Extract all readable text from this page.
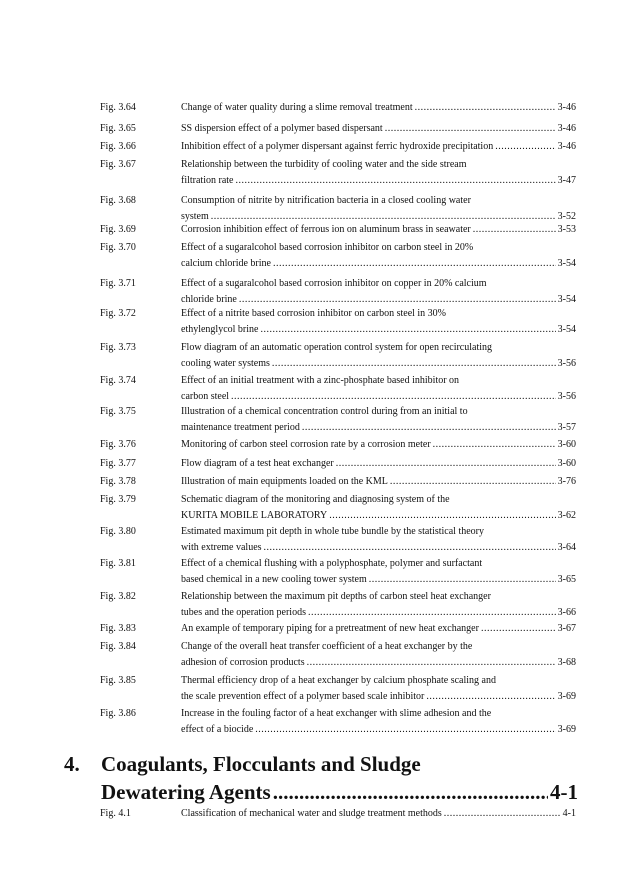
Fig. 3.64	Change of water quality during a slime removal treatment .....	3-46
Fig. 3.65	SS dispersion effect of a polymer based dispersant .....	3-46
Fig. 3.66	Inhibition effect of a polymer dispersant against ferric hydroxide precipitation .....	3-46
Fig. 3.67	Relationship between the turbidity of cooling water and the side stream
filtration rate .....	3-47
Fig. 3.68	Consumption of nitrite by nitrification bacteria in a closed cooling water
system .....	3-52
Fig. 3.69	Corrosion inhibition effect of ferrous ion on aluminum brass in seawater .....	3-53
Fig. 3.70	Effect of a sugaralcohol based corrosion inhibitor on carbon steel in 20%
calcium chloride brine .....	3-54
Fig. 3.71	Effect of a sugaralcohol based corrosion inhibitor on copper in 20% calcium
chloride brine .....	3-54
Fig. 3.72	Effect of a nitrite based corrosion inhibitor on carbon steel in 30%
ethylenglycol brine .....	3-54
Fig. 3.73	Flow diagram of an automatic operation control system for open recirculating
cooling water systems .....	3-56
Fig. 3.74	Effect of an initial treatment with a zinc-phosphate based inhibitor on
carbon steel .....	3-56
Fig. 3.75	Illustration of a chemical concentration control during from an initial to
maintenance treatment period .....	3-57
Fig. 3.76	Monitoring of carbon steel corrosion rate by a corrosion meter .....	3-60
Fig. 3.77	Flow diagram of a test heat exchanger .....	3-60
Fig. 3.78	Illustration of main equipments loaded on the KML .....	3-76
Fig. 3.79	Schematic diagram of the monitoring and diagnosing system of the
KURITA MOBILE LABORATORY .....	3-62
Fig. 3.80	Estimated maximum pit depth in whole tube bundle by the statistical theory
with extreme values .....	3-64
Fig. 3.81	Effect of a chemical flushing with a polyphosphate, polymer and surfactant
based chemical in a new cooling tower system .....	3-65
Fig. 3.82	Relationship between the maximum pit depths of carbon steel heat exchanger
tubes and the operation periods .....	3-66
Fig. 3.83	An example of temporary piping for a pretreatment of new heat exchanger .....	3-67
Fig. 3.84	Change of the overall heat transfer coefficient of a heat exchanger by the
adhesion of corrosion products .....	3-68
Fig. 3.85	Thermal efficiency drop of a heat exchanger by calcium phosphate scaling and
the scale prevention effect of a polymer based scale inhibitor .....	3-69
Fig. 3.86	Increase in the fouling factor of a heat exchanger with slime adhesion and the
effect of a biocide .....	3-69
4. Coagulants, Flocculants and Sludge
Dewatering Agents .....	4-1
Fig. 4.1	Classification of mechanical water and sludge treatment methods .....	4-1
